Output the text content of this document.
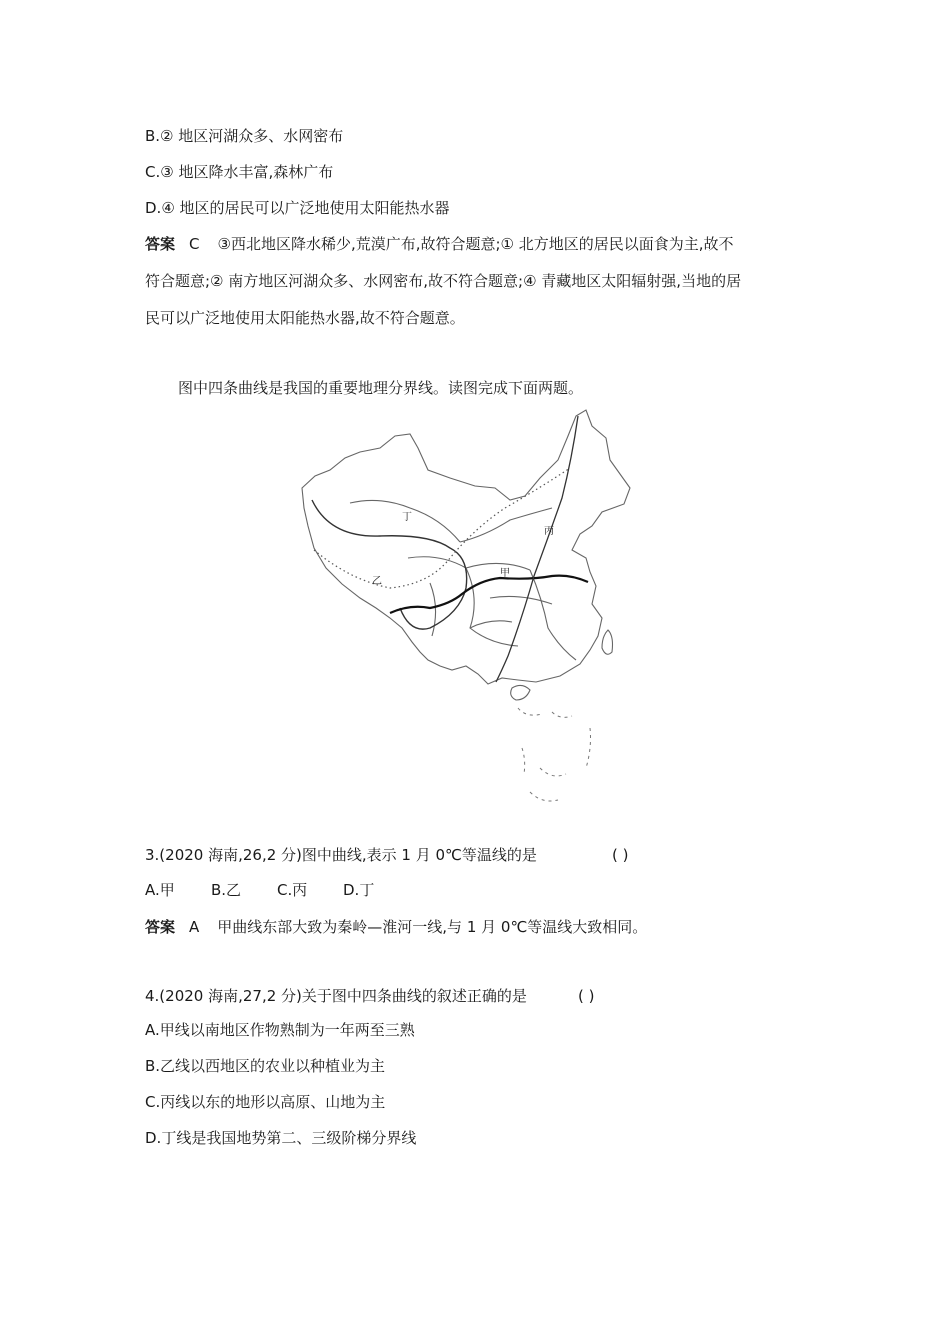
B.② 地区河湖众多、水网密布
C.③ 地区降水丰富,森林广布
D.④ 地区的居民可以广泛地使用太阳能热水器
答案 C ③西北地区降水稀少,荒漠广布,故符合题意;① 北方地区的居民以面食为主,故不
符合题意;② 南方地区河湖众多、水网密布,故不符合题意;④ 青藏地区太阳辐射强,当地的居
民可以广泛地使用太阳能热水器,故不符合题意。
图中四条曲线是我国的重要地理分界线。读图完成下面两题。
丁
乙
甲
丙
3.(2020 海南,26,2 分)图中曲线,表示 1 月 0℃等温线的是	( )
A.甲 B.乙 C.丙 D.丁
答案 A 甲曲线东部大致为秦岭—淮河一线,与 1 月 0℃等温线大致相同。
4.(2020 海南,27,2 分)关于图中四条曲线的叙述正确的是	( )
A.甲线以南地区作物熟制为一年两至三熟
B.乙线以西地区的农业以种植业为主
C.丙线以东的地形以高原、山地为主
D.丁线是我国地势第二、三级阶梯分界线
